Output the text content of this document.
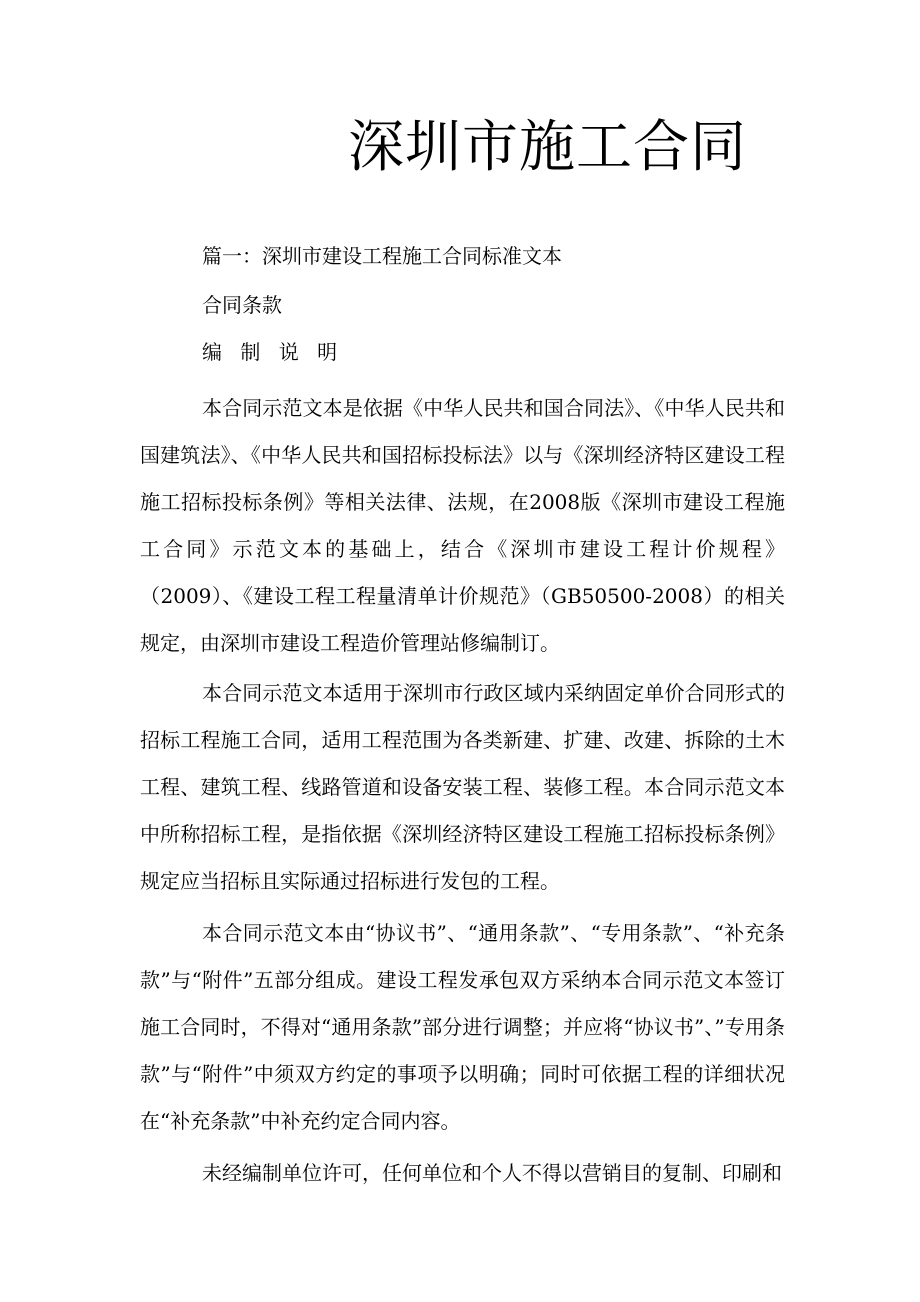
深圳市施工合同
篇一：深圳市建设工程施工合同标准文本
合同条款
编 制 说 明
本合同示范文本是依据《中华人民共和国合同法》、《中华人民共和国建筑法》、《中华人民共和国招标投标法》以与《深圳经济特区建设工程施工招标投标条例》等相关法律、法规，在2008版《深圳市建设工程施工合同》示范文本的基础上，结合《深圳市建设工程计价规程》（2009）、《建设工程工程量清单计价规范》（GB50500-2008）的相关规定，由深圳市建设工程造价管理站修编制订。
本合同示范文本适用于深圳市行政区域内采纳固定单价合同形式的招标工程施工合同，适用工程范围为各类新建、扩建、改建、拆除的土木工程、建筑工程、线路管道和设备安装工程、装修工程。本合同示范文本中所称招标工程，是指依据《深圳经济特区建设工程施工招标投标条例》规定应当招标且实际通过招标进行发包的工程。
本合同示范文本由“协议书”、“通用条款”、“专用条款”、“补充条款”与“附件”五部分组成。建设工程发承包双方采纳本合同示范文本签订施工合同时，不得对“通用条款”部分进行调整；并应将“协议书”、”专用条款”与“附件”中须双方约定的事项予以明确；同时可依据工程的详细状况在“补充条款”中补充约定合同内容。
未经编制单位许可，任何单位和个人不得以营销目的复制、印刷和
